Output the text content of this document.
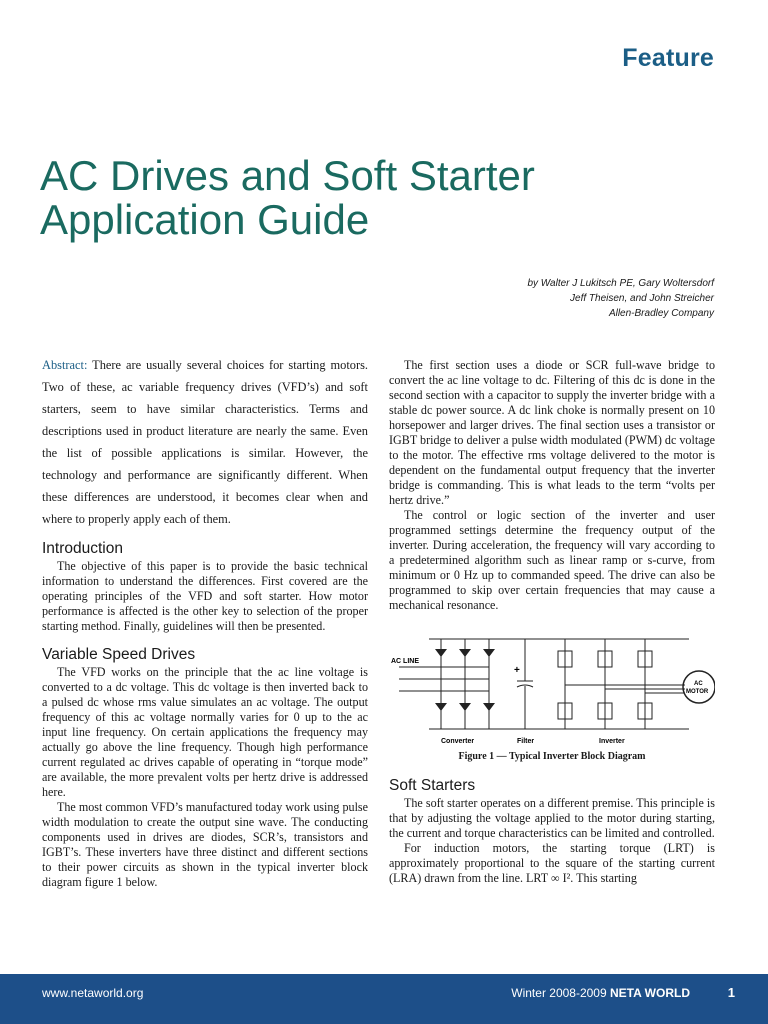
Feature
AC Drives and Soft Starter
Application Guide
by Walter J Lukitsch PE, Gary Woltersdorf
Jeff Theisen, and John Streicher
Allen-Bradley Company

Abstract: There are usually several choices for starting motors. Two of these, ac variable frequency drives (VFD’s) and soft starters, seem to have similar characteristics. Terms and descriptions used in product literature are nearly the same. Even the list of possible applications is similar. However, the technology and performance are significantly different. When these differences are understood, it becomes clear when and where to properly apply each of them.

Introduction

The objective of this paper is to provide the basic technical information to understand the differences. First covered are the operating principles of the VFD and soft starter. How motor performance is affected is the other key to selection of the proper starting method. Finally, guidelines will then be presented.

Variable Speed Drives

The VFD works on the principle that the ac line voltage is converted to a dc voltage. This dc voltage is then inverted back to a pulsed dc whose rms value simulates an ac voltage. The output frequency of this ac voltage normally varies for 0 up to the ac input line frequency. On certain applications the frequency may actually go above the line frequency. Though high performance current regulated ac drives capable of operating in “torque mode” are available, the more prevalent volts per hertz drive is addressed here.

The most common VFD’s manufactured today work using pulse width modulation to create the output sine wave. The conducting components used in drives are diodes, SCR’s, transistors and IGBT’s. These inverters have three distinct and different sections to their power circuits as shown in the typical inverter block diagram figure 1 below.

The first section uses a diode or SCR full-wave bridge to convert the ac line voltage to dc. Filtering of this dc is done in the second section with a capacitor to supply the inverter bridge with a stable dc power source. A dc link choke is normally present on 10 horsepower and larger drives. The final section uses a transistor or IGBT bridge to deliver a pulse width modulated (PWM) dc voltage to the motor. The effective rms voltage delivered to the motor is dependent on the fundamental output frequency that the inverter bridge is commanding. This is what leads to the term “volts per hertz drive.”

The control or logic section of the inverter and user programmed settings determine the frequency output of the inverter. During acceleration, the frequency will vary according to a predetermined algorithm such as linear ramp or s-curve, from minimum or 0 Hz up to commanded speed. The drive can also be programmed to skip over certain frequencies that may cause a mechanical resonance.

AC LINE
+
Converter	Filter	Inverter
AC
MOTOR
Figure 1 — Typical Inverter Block Diagram
Soft Starters

The soft starter operates on a different premise. This principle is that by adjusting the voltage applied to the motor during starting, the current and torque characteristics can be limited and controlled.

For induction motors, the starting torque (LRT) is approximately proportional to the square of the starting current (LRA) drawn from the line. LRT ∞ I². This starting

www.netaworld.org	Winter 2008-2009 NETA WORLD	1
